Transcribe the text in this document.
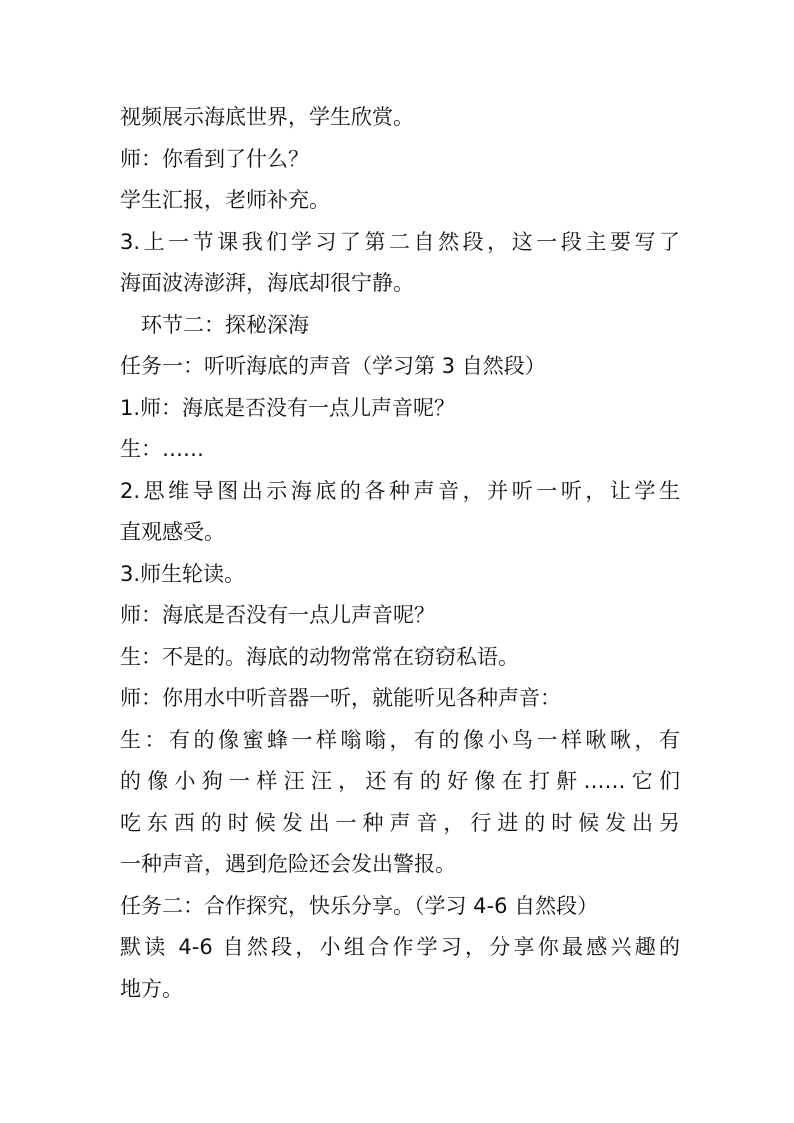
视频展示海底世界，学生欣赏。
师：你看到了什么？
学生汇报，老师补充。
3.上一节课我们学习了第二自然段，这一段主要写了
海面波涛澎湃，海底却很宁静。
环节二：探秘深海
任务一：听听海底的声音（学习第 3 自然段）
1.师：海底是否没有一点儿声音呢？
生：……
2.思维导图出示海底的各种声音，并听一听，让学生
直观感受。
3.师生轮读。
师：海底是否没有一点儿声音呢？
生：不是的。海底的动物常常在窃窃私语。
师：你用水中听音器一听，就能听见各种声音：
生：有的像蜜蜂一样嗡嗡，有的像小鸟一样啾啾，有
的像小狗一样汪汪，还有的好像在打鼾……它们
吃东西的时候发出一种声音，行进的时候发出另
一种声音，遇到危险还会发出警报。
任务二：合作探究，快乐分享。（学习 4-6 自然段）
默读 4-6 自然段，小组合作学习，分享你最感兴趣的
地方。
